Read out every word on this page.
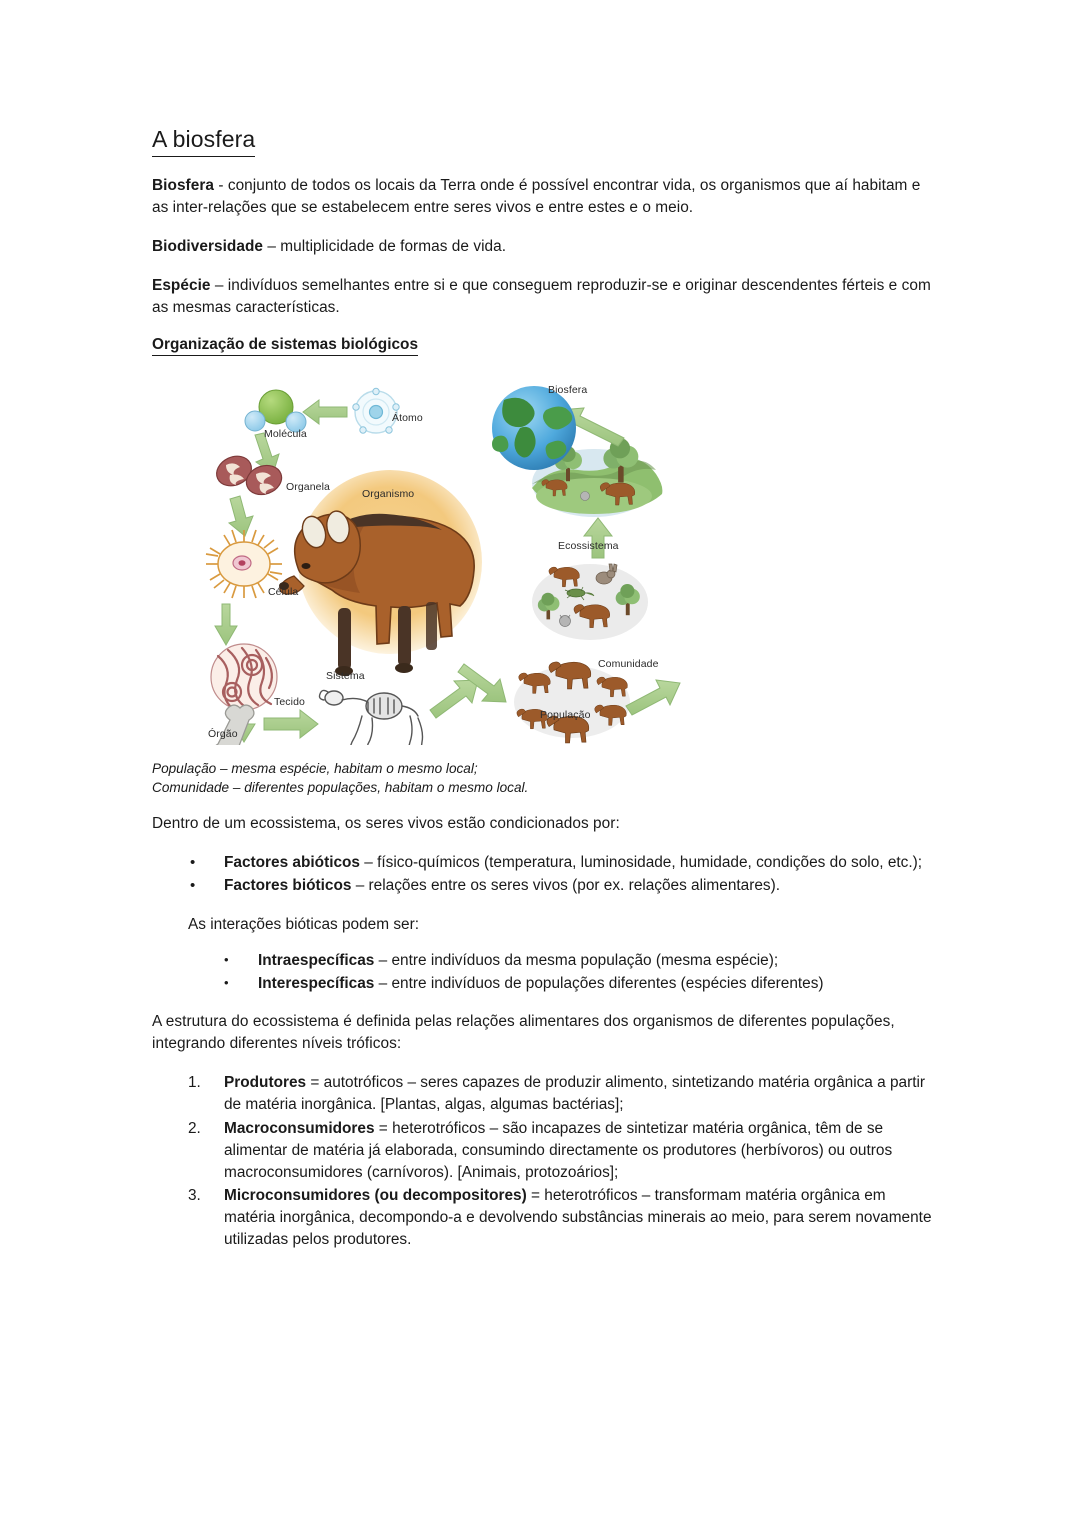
A biosfera

Biosfera - conjunto de todos os locais da Terra onde é possível encontrar vida, os organismos que aí habitam e as inter-relações que se estabelecem entre seres vivos e entre estes e o meio.

Biodiversidade – multiplicidade de formas de vida.

Espécie – indivíduos semelhantes entre si e que conseguem reproduzir-se e originar descendentes férteis e com as mesmas características.

Organização de sistemas biológicos
Átomo
Molécula
Organela
Célula
Tecido
Órgão
Sistema
Organismo
População
Comunidade
Ecossistema
Biosfera
População – mesma espécie, habitam o mesmo local;
Comunidade – diferentes populações, habitam o mesmo local.

Dentro de um ecossistema, os seres vivos estão condicionados por:

• Factores abióticos – físico-químicos (temperatura, luminosidade, humidade, condições do solo, etc.);
• Factores bióticos – relações entre os seres vivos (por ex. relações alimentares).

As interações bióticas podem ser:

• Intraespecíficas – entre indivíduos da mesma população (mesma espécie);
• Interespecíficas – entre indivíduos de populações diferentes (espécies diferentes)

A estrutura do ecossistema é definida pelas relações alimentares dos organismos de diferentes populações, integrando diferentes níveis tróficos:

1. Produtores = autotróficos – seres capazes de produzir alimento, sintetizando matéria orgânica a partir de matéria inorgânica. [Plantas, algas, algumas bactérias];
2. Macroconsumidores = heterotróficos – são incapazes de sintetizar matéria orgânica, têm de se alimentar de matéria já elaborada, consumindo directamente os produtores (herbívoros) ou outros macroconsumidores (carnívoros). [Animais, protozoários];
3. Microconsumidores (ou decompositores) = heterotróficos – transformam matéria orgânica em matéria inorgânica, decompondo-a e devolvendo substâncias minerais ao meio, para serem novamente utilizadas pelos produtores.
